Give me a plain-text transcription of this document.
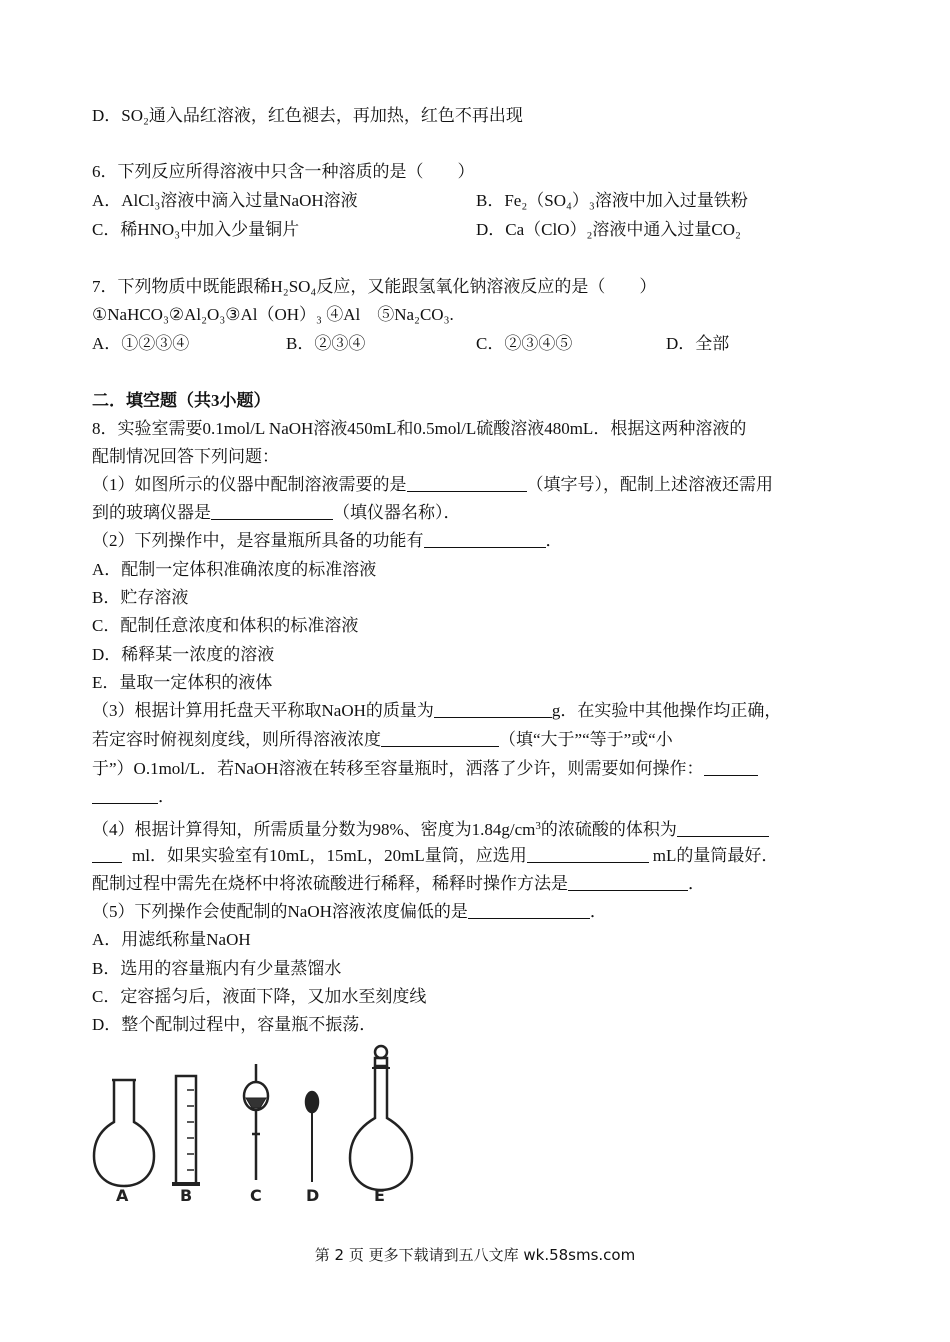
D．SO₂通入品红溶液，红色褪去，再加热，红色不再出现
6．下列反应所得溶液中只含一种溶质的是（　　）
A．AlCl₃溶液中滴入过量NaOH溶液	B．Fe₂（SO₄）₃溶液中加入过量铁粉
C．稀HNO₃中加入少量铜片	D．Ca（ClO）₂溶液中通入过量CO₂
7．下列物质中既能跟稀H₂SO₄反应，又能跟氢氧化钠溶液反应的是（　　）
①NaHCO₃②Al₂O₃③Al（OH）₃ ④Al　⑤Na₂CO₃.
A．①②③④	B．②③④	C．②③④⑤	D．全部
二．填空题（共3小题）
8．实验室需要0.1mol/L NaOH溶液450mL和0.5mol/L硫酸溶液480mL．根据这两种溶液的
配制情况回答下列问题：
（1）如图所示的仪器中配制溶液需要的是	（填字号），配制上述溶液还需用
到的玻璃仪器是	（填仪器名称）．
（2）下列操作中，是容量瓶所具备的功能有	．
A．配制一定体积准确浓度的标准溶液
B．贮存溶液
C．配制任意浓度和体积的标准溶液
D．稀释某一浓度的溶液
E．量取一定体积的液体
（3）根据计算用托盘天平称取NaOH的质量为	g．在实验中其他操作均正确，
若定容时俯视刻度线，则所得溶液浓度	（填“大于”“等于”或“小
于”）O.1mol/L．若NaOH溶液在转移至容量瓶时，洒落了少许，则需要如何操作：
．
（4）根据计算得知，所需质量分数为98%、密度为$1.84g/cm^3$的浓硫酸的体积为
ml．如果实验室有10mL，15mL，20mL量筒，应选用	mL的量筒最好．
配制过程中需先在烧杯中将浓硫酸进行稀释，稀释时操作方法是	．
（5）下列操作会使配制的NaOH溶液浓度偏低的是	．
A．用滤纸称量NaOH
B．选用的容量瓶内有少量蒸馏水
C．定容摇匀后，液面下降，又加水至刻度线
D．整个配制过程中，容量瓶不振荡．
A	B	C	D	E
第 2 页 更多下载请到五八文库 wk.58sms.com
